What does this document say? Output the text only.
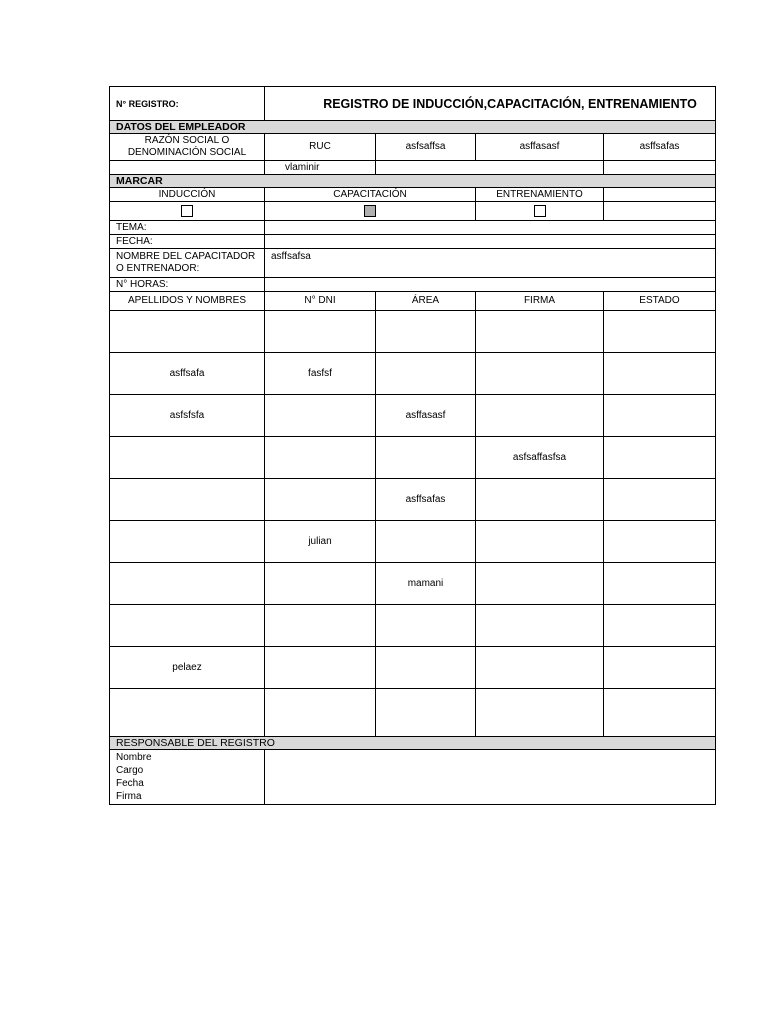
N° REGISTRO:	
		REGISTRO DE INDUCCIÓN,CAPACITACIÓN, ENTRENAMIENTO

DATOS DEL EMPLEADOR
RAZÓN SOCIAL O DENOMINACIÓN SOCIAL	RUC	asfsaffsa	asffasasf	asffsafas
	vlaminir		
MARCAR
INDUCCIÓN	CAPACITACIÓN	ENTRENAMIENTO	

TEMA:	
FECHA:	
NOMBRE DEL CAPACITADOR O ENTRENADOR:	asffsafsa
N° HORAS:	
APELLIDOS Y NOMBRES	N° DNI	ÁREA	FIRMA	ESTADO

asffsafa	fasfsf			
asfsfsfa		asffasasf		
			asfsaffasfsa	
		asffsafas		
	julian			
		mamani		

pelaez				

RESPONSABLE DEL REGISTRO

Nombre
Cargo
Fecha
Firma
